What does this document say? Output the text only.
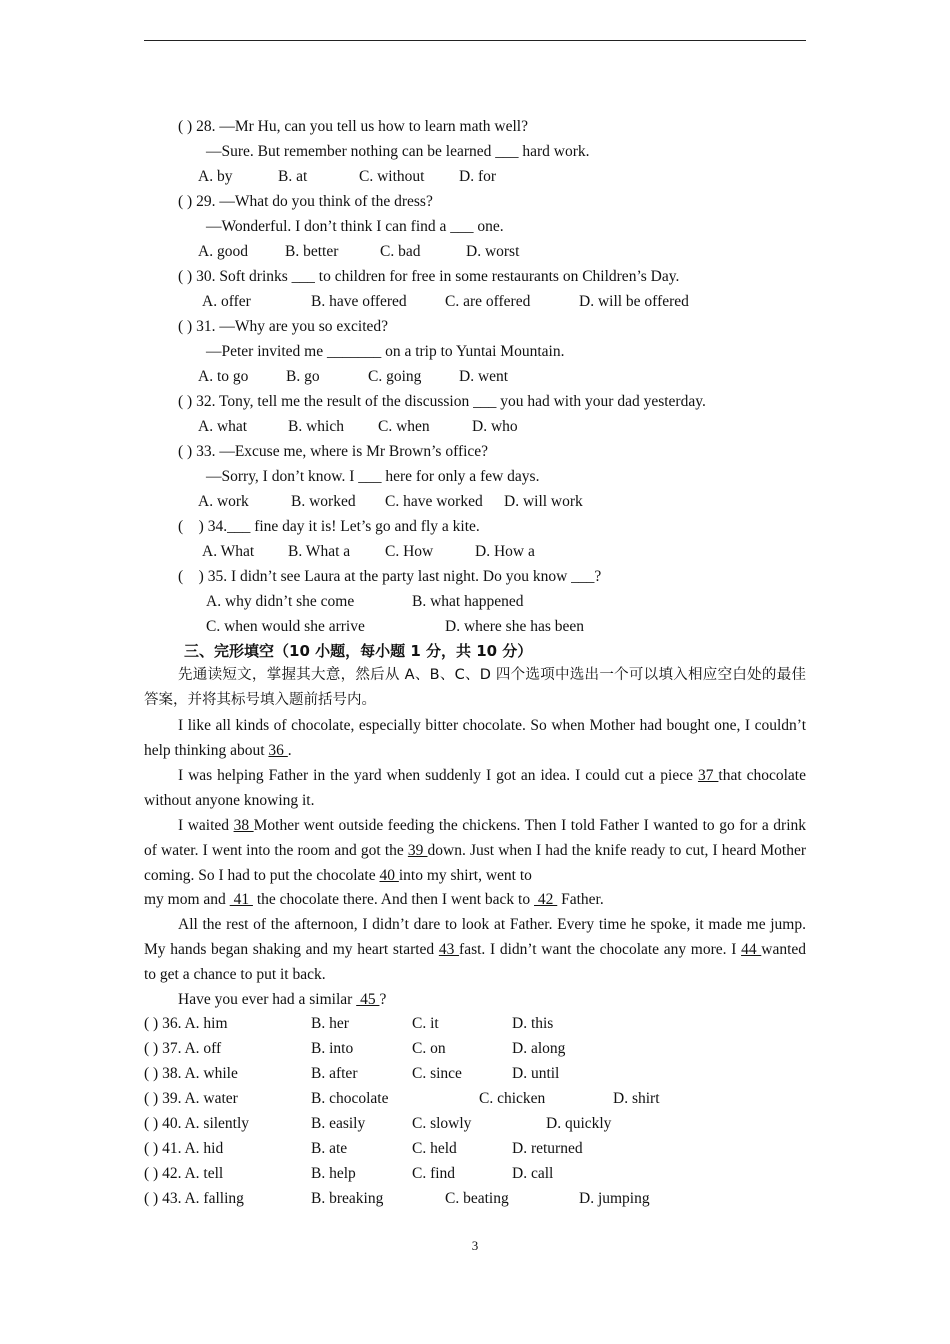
( ) 28. —Mr Hu, can you tell us how to learn math well?
—Sure. But remember nothing can be learned ___ hard work.
A. by	B. at	C. without D. for
( ) 29. —What do you think of the dress?
—Wonderful. I don’t think I can find a ___ one.
A. good B. better	C. bad	D. worst
( ) 30. Soft drinks ___ to children for free in some restaurants on Children’s Day.
A. offer	B. have offered C. are offered	D. will be offered
( ) 31. —Why are you so excited?
—Peter invited me _______ on a trip to Yuntai Mountain.
A. to go B. go	C. going D. went
( ) 32. Tony, tell me the result of the discussion ___ you had with your dad yesterday.
A. what	B. which C. when	D. who
( ) 33. —Excuse me, where is Mr Brown’s office?
—Sorry, I don’t know. I ___ here for only a few days.
A. work	B. worked C. have worked D. will work
(    ) 34.___ fine day it is! Let’s go and fly a kite.
A. What B. What a C. How	D. How a
(    ) 35. I didn’t see Laura at the party last night. Do you know ___?
A. why didn’t she come	B. what happened
C. when would she arrive	D. where she has been
三、完形填空（10 小题，每小题 1 分，共 10 分）
先通读短文，掌握其大意，然后从 A、B、C、D 四个选项中选出一个可以填入相应空白处的最佳答案，并将其标号填入题前括号内。
I like all kinds of chocolate, especially bitter chocolate. So when Mother had bought one, I couldn’t help thinking about 36 .
I was helping Father in the yard when suddenly I got an idea. I could cut a piece 37 that chocolate without anyone knowing it.
I waited 38 Mother went outside feeding the chickens. Then I told Father I wanted to go for a drink of water. I went into the room and got the 39 down. Just when I had the knife ready to cut, I heard Mother coming. So I had to put the chocolate 40 into my shirt, went to
my mom and  41  the chocolate there. And then I went back to  42  Father.
All the rest of the afternoon, I didn’t dare to look at Father. Every time he spoke, it made me jump. My hands began shaking and my heart started 43 fast. I didn’t want the chocolate any more. I 44 wanted to get a chance to put it back.
Have you ever had a similar  45 ?
( ) 36. A. him	B. her	C. it	D. this
( ) 37. A. off	B. into	C. on	D. along
( ) 38. A. while	B. after	C. since	D. until
( ) 39. A. water	B. chocolate	C. chicken	D. shirt
( ) 40. A. silently	B. easily	C. slowly	D. quickly
( ) 41. A. hid	B. ate	C. held	D. returned
( ) 42. A. tell	B. help	C. find	D. call
( ) 43. A. falling	B. breaking	C. beating	D. jumping
3
